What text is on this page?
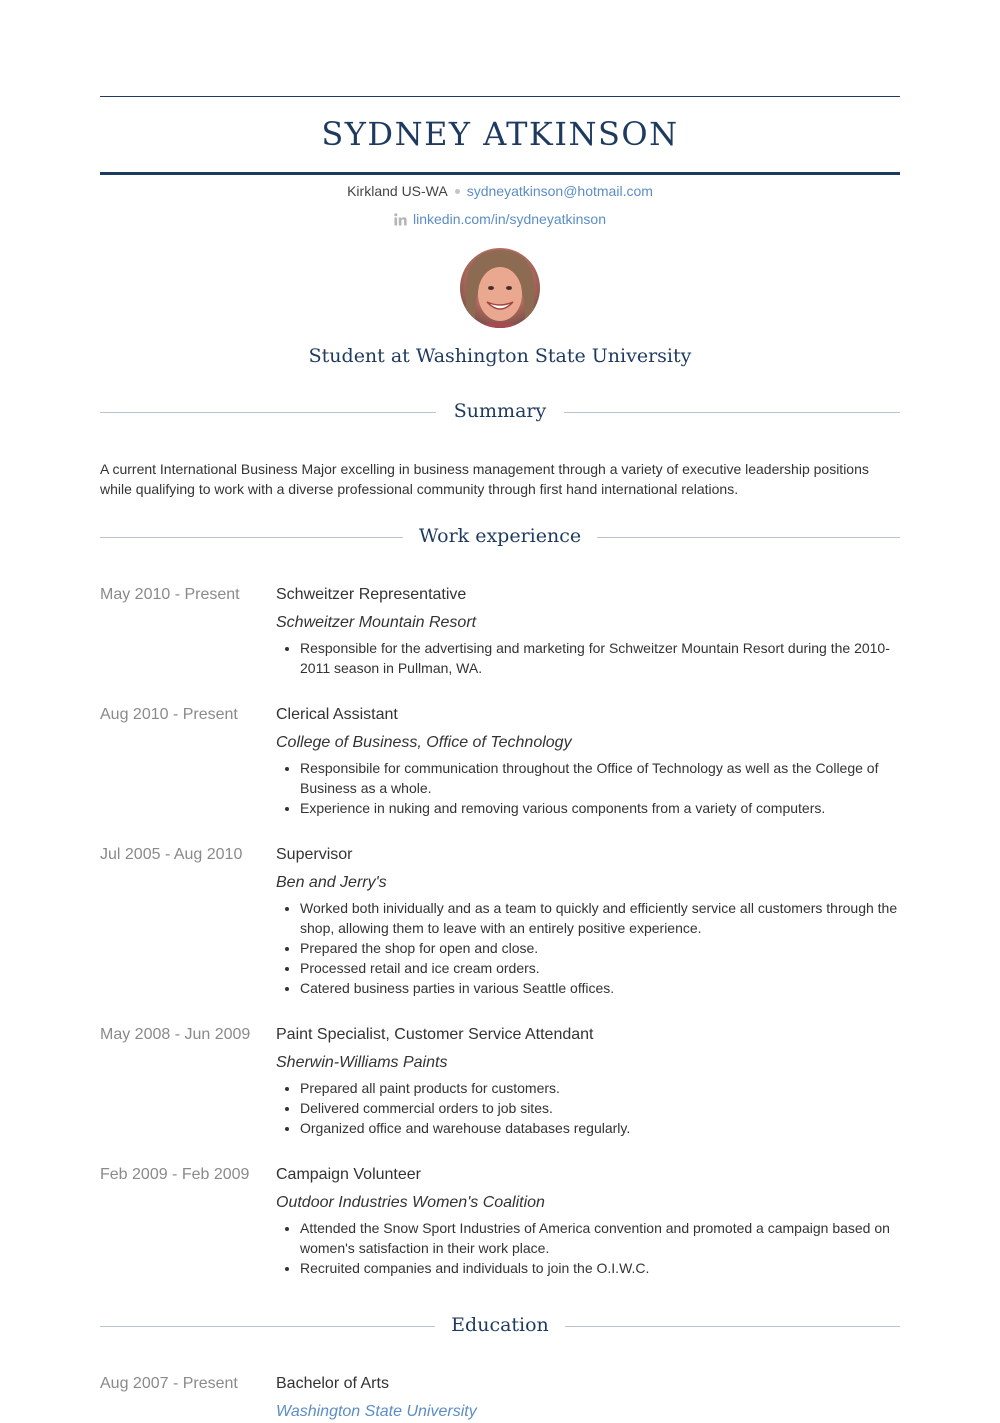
SYDNEY ATKINSON
Kirkland US-WA sydneyatkinson@hotmail.com
linkedin.com/in/sydneyatkinson
Student at Washington State University
Summary
A current International Business Major excelling in business management through a variety of executive leadership positions while qualifying to work with a diverse professional community through first hand international relations.
Work experience
May 2010 - Present Schweitzer Representative
Schweitzer Mountain Resort
• Responsible for the advertising and marketing for Schweitzer Mountain Resort during the 2010-2011 season in Pullman, WA.
Aug 2010 - Present Clerical Assistant
College of Business, Office of Technology
• Responsibile for communication throughout the Office of Technology as well as the College of Business as a whole.
• Experience in nuking and removing various components from a variety of computers.
Jul 2005 - Aug 2010 Supervisor
Ben and Jerry's
• Worked both inividually and as a team to quickly and efficiently service all customers through the shop, allowing them to leave with an entirely positive experience.
• Prepared the shop for open and close.
• Processed retail and ice cream orders.
• Catered business parties in various Seattle offices.
May 2008 - Jun 2009 Paint Specialist, Customer Service Attendant
Sherwin-Williams Paints
• Prepared all paint products for customers.
• Delivered commercial orders to job sites.
• Organized office and warehouse databases regularly.
Feb 2009 - Feb 2009 Campaign Volunteer
Outdoor Industries Women's Coalition
• Attended the Snow Sport Industries of America convention and promoted a campaign based on women's satisfaction in their work place.
• Recruited companies and individuals to join the O.I.W.C.
Education
Aug 2007 - Present Bachelor of Arts
Washington State University
